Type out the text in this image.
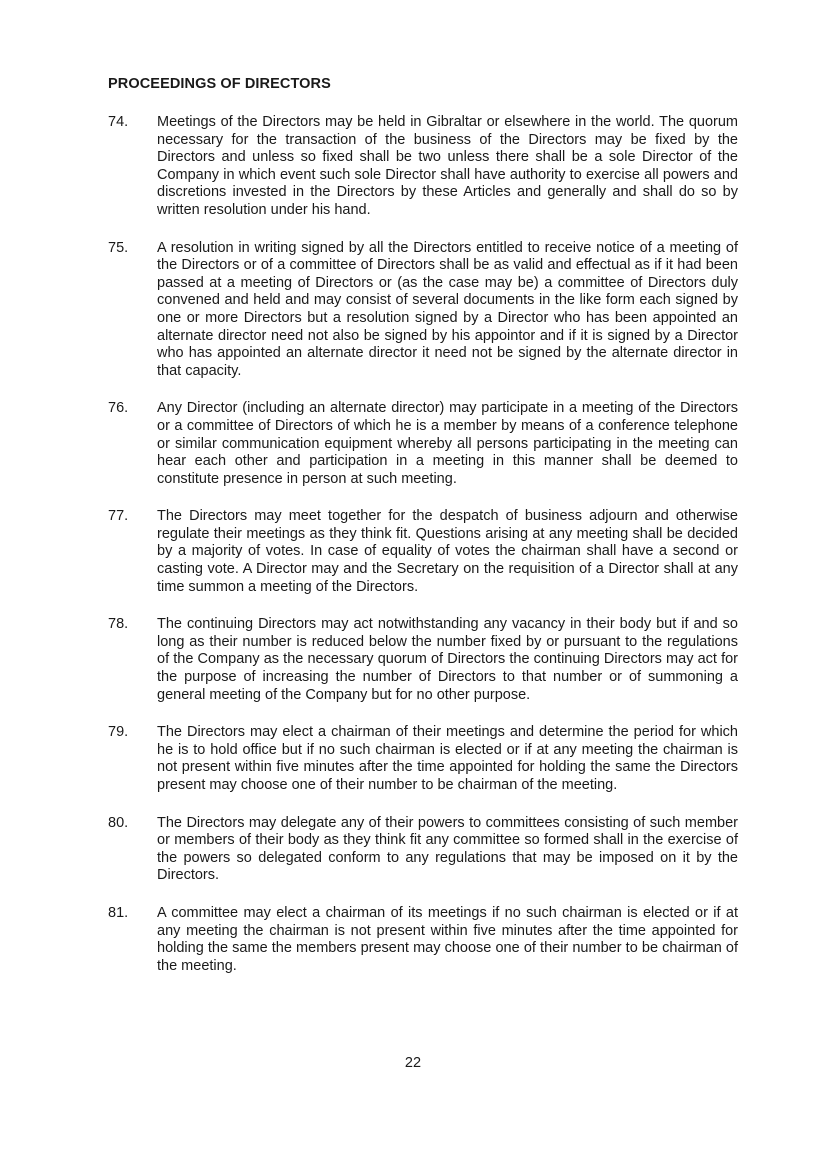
PROCEEDINGS OF DIRECTORS
74.	Meetings of the Directors may be held in Gibraltar or elsewhere in the world. The quorum necessary for the transaction of the business of the Directors may be fixed by the Directors and unless so fixed shall be two unless there shall be a sole Director of the Company in which event such sole Director shall have authority to exercise all powers and discretions invested in the Directors by these Articles and generally and shall do so by written resolution under his hand.

75.	A resolution in writing signed by all the Directors entitled to receive notice of a meeting of the Directors or of a committee of Directors shall be as valid and effectual as if it had been passed at a meeting of Directors or (as the case may be) a committee of Directors duly convened and held and may consist of several documents in the like form each signed by one or more Directors but a resolution signed by a Director who has been appointed an alternate director need not also be signed by his appointor and if it is signed by a Director who has appointed an alternate director it need not be signed by the alternate director in that capacity.

76.	Any Director (including an alternate director) may participate in a meeting of the Directors or a committee of Directors of which he is a member by means of a conference telephone or similar communication equipment whereby all persons participating in the meeting can hear each other and participation in a meeting in this manner shall be deemed to constitute presence in person at such meeting.

77.	The Directors may meet together for the despatch of business adjourn and otherwise regulate their meetings as they think fit. Questions arising at any meeting shall be decided by a majority of votes. In case of equality of votes the chairman shall have a second or casting vote. A Director may and the Secretary on the requisition of a Director shall at any time summon a meeting of the Directors.

78.	The continuing Directors may act notwithstanding any vacancy in their body but if and so long as their number is reduced below the number fixed by or pursuant to the regulations of the Company as the necessary quorum of Directors the continuing Directors may act for the purpose of increasing the number of Directors to that number or of summoning a general meeting of the Company but for no other purpose.

79.	The Directors may elect a chairman of their meetings and determine the period for which he is to hold office but if no such chairman is elected or if at any meeting the chairman is not present within five minutes after the time appointed for holding the same the Directors present may choose one of their number to be chairman of the meeting.

80.	The Directors may delegate any of their powers to committees consisting of such member or members of their body as they think fit any committee so formed shall in the exercise of the powers so delegated conform to any regulations that may be imposed on it by the Directors.

81.	A committee may elect a chairman of its meetings if no such chairman is elected or if at any meeting the chairman is not present within five minutes after the time appointed for holding the same the members present may choose one of their number to be chairman of the meeting.

22
